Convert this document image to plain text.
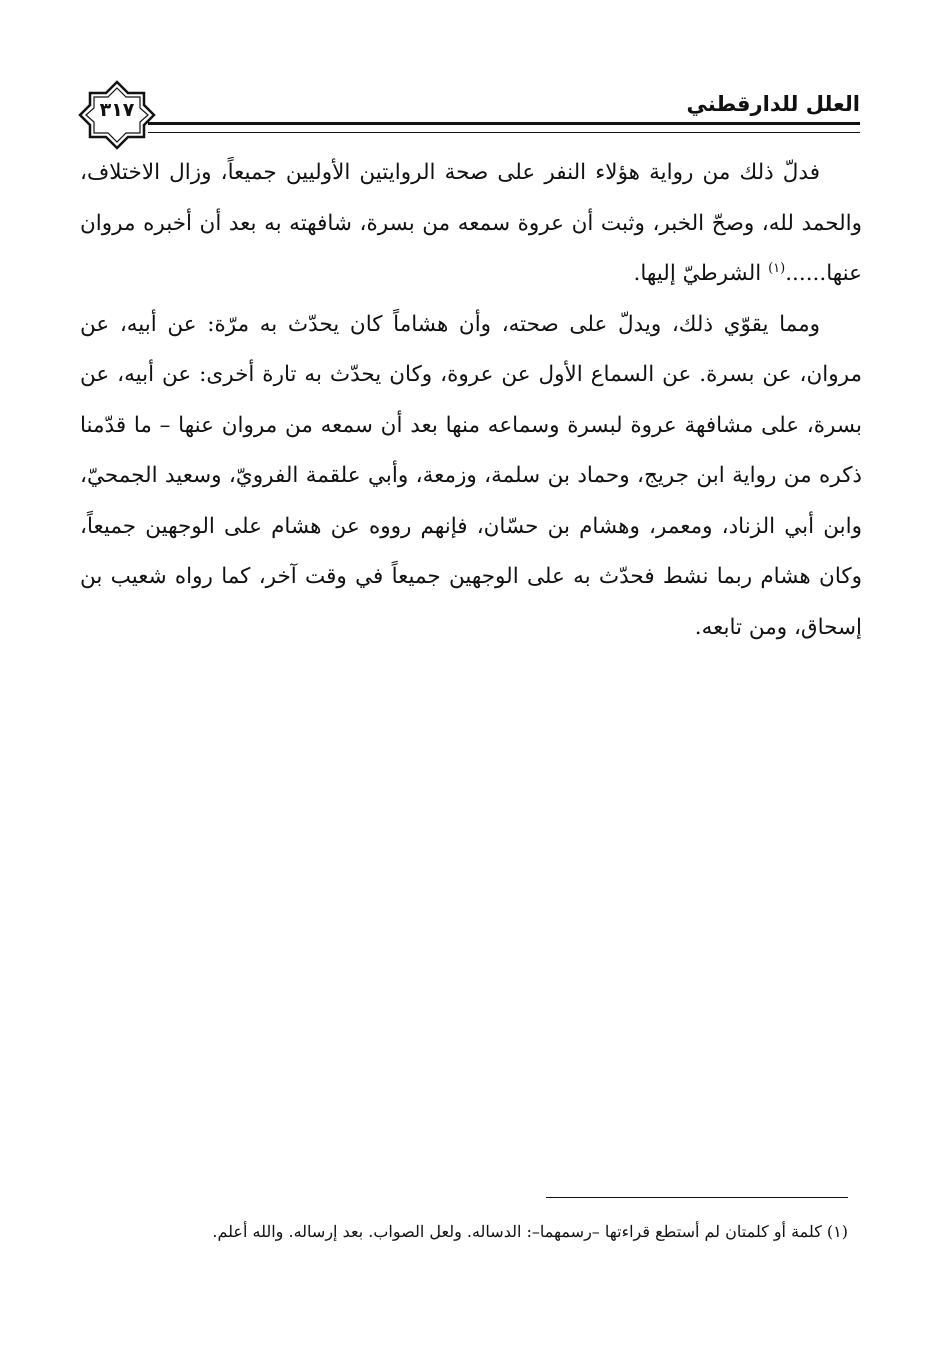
٣١٧	العلل للدارقطني

فدلّ ذلك من رواية هؤلاء النفر على صحة الروايتين الأوليين جميعاً، وزال الاختلاف، والحمد لله، وصحّ الخبر، وثبت أن عروة سمعه من بسرة، شافهته به بعد أن أخبره مروان عنها......$^{(١)}$ الشرطيّ إليها.

ومما يقوّي ذلك، ويدلّ على صحته، وأن هشاماً كان يحدّث به مرّة: عن أبيه، عن مروان، عن بسرة. عن السماع الأول عن عروة، وكان يحدّث به تارة أخرى: عن أبيه، عن بسرة، على مشافهة عروة لبسرة وسماعه منها بعد أن سمعه من مروان عنها – ما قدّمنا ذكره من رواية ابن جريج، وحماد بن سلمة، وزمعة، وأبي علقمة الفرويّ، وسعيد الجمحيّ، وابن أبي الزناد، ومعمر، وهشام بن حسّان، فإنهم رووه عن هشام على الوجهين جميعاً، وكان هشام ربما نشط فحدّث به على الوجهين جميعاً في وقت آخر، كما رواه شعيب بن إسحاق، ومن تابعه.

(١) كلمة أو كلمتان لم أستطع قراءتها –رسمهما–: الدساله. ولعل الصواب. بعد إرساله. والله أعلم.
